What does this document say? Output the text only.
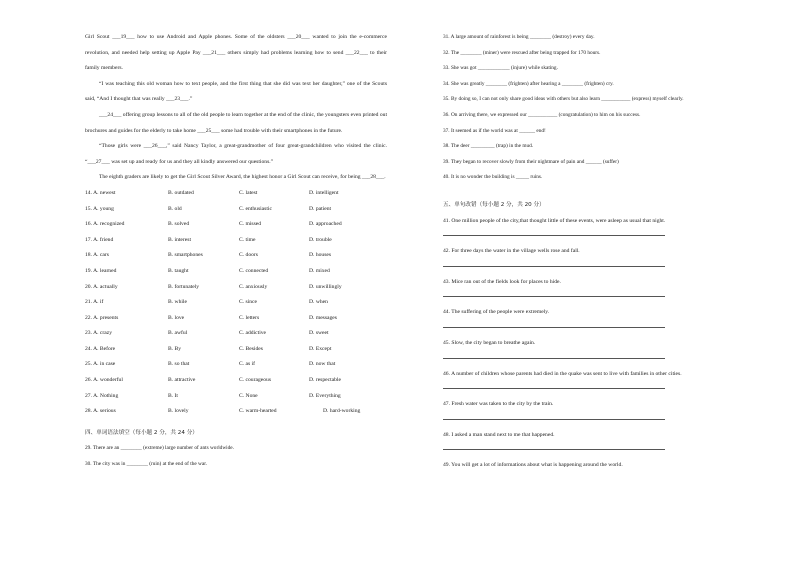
Girl Scout ___19___ how to use Android and Apple phones. Some of the oldsters ___20___ wanted to join the e-commerce revolution, and needed help setting up Apple Pay ___21___ others simply had problems learning how to send ___22___ to their family members.
“I was teaching this old woman how to text people, and the first thing that she did was text her daughter,” one of the Scouts said, “And I thought that was really ___23___.”
___24___ offering group lessons to all of the old people to learn together at the end of the clinic, the youngsters even printed out brochures and guides for the elderly to take home ___25___ some had trouble with their smartphones in the future.
“Those girls were ___26___,” said Nancy Taylor, a great-grandmother of four great-grandchildren who visited the clinic. “___27___ was set up and ready for us and they all kindly answered our questions.”
The eighth graders are likely to get the Girl Scout Silver Award, the highest honor a Girl Scout can receive, for being ___28___.
14. A. newest	B. outdated	C. latest	D. intelligent
15. A. young	B. old	C. enthusiastic	D. patient
16. A. recognized	B. solved	C. missed	D. approached
17. A. friend	B. interest	C. time	D. trouble
18. A. cars	B. smartphones	C. doors	D. houses
19. A. learned	B. taught	C. connected	D. mixed
20. A. actually	B. fortunately	C. anxiously	D. unwillingly
21. A. if	B. while	C. since	D. when
22. A. presents	B. love	C. letters	D. messages
23. A. crazy	B. awful	C. addictive	D. sweet
24. A. Before	B. By	C. Besides	D. Except
25. A. in case	B. so that	C. as if	D. now that
26. A. wonderful	B. attractive	C. courageous	D. respectable
27. A. Nothing	B. It	C. None	D. Everything
28. A. serious	B. lovely	C. warm-hearted	D. hard-working
四、单词语法填空（每小题 2 分，共 24 分）
29. There are an ________ (extreme) large number of ants worldwide.
30. The city was in ________ (ruin) at the end of the war.
31. A large amount of rainforest is being ________ (destroy) every day.
32. The ________ (miner) were rescued after being trapped for 170 hours.
33. She was got ____________ (injure) while skating.
34. She was greatly ________ (frighten) after hearing a ________ (frighten) cry.
35. By doing so, I can not only share good ideas with others but also learn ___________ (express) myself clearly.
36. On arriving there, we expressed our ___________ (congratulation) to him on his success.
37. It seemed as if the world was at ______ end!
38. The deer _________ (trap) in the mud.
39. They began to recover slowly from their nightmare of pain and ______ (suffer)
40. It is no wonder the building is _____ ruins.
五、单句改错（每小题 2 分，共 20 分）
41. One million people of the city,that thought little of these events, were asleep as usual that night.
42. For three days the water in the village wells rose and fall.
43. Mice ran out of the fields look for places to hide.
44. The suffering of the people were extremely.
45. Slow, the city began to breathe again.
46. A number of children whose parents had died in the quake was sent to live with families in other cities.
47. Fresh water was taken to the city by the train.
48. I asked a man stand next to me that happened.
49. You will get a lot of informations about what is happening around the world.
